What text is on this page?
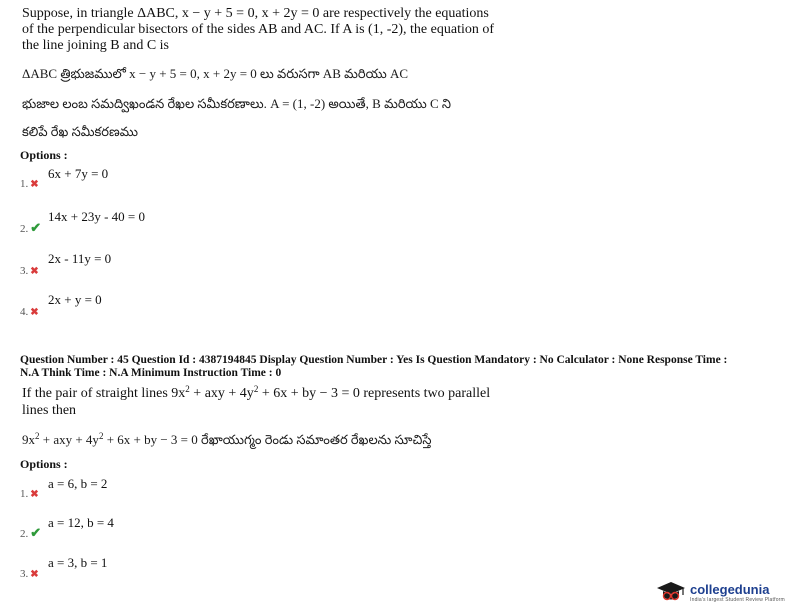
Suppose, in triangle ΔABC, x − y + 5 = 0, x + 2y = 0 are respectively the equations
of the perpendicular bisectors of the sides AB and AC. If A is (1, -2), the equation of
the line joining B and C is
ΔABC త్రిభుజములో x − y + 5 = 0, x + 2y = 0 లు వరుసగా AB మరియు AC
భుజాల లంబ సమద్విఖండన రేఖల సమీకరణాలు. A = (1, -2) అయితే, B మరియు C ని
కలిపే రేఖ సమీకరణము
Options :
1. ✖
6x + 7y = 0
2. ✔
14x + 23y - 40 = 0
3. ✖
2x - 11y = 0
4. ✖
2x + y = 0
Question Number : 45 Question Id : 4387194845 Display Question Number : Yes Is Question Mandatory : No Calculator : None Response Time :
N.A Think Time : N.A Minimum Instruction Time : 0
If the pair of straight lines $9x^2$ + axy + $4y^2 + 6x$ + by − 3 = 0 represents two parallel
lines then
$9x^2$ + axy + $4y^2 + 6x$ + by − 3 = 0 రేఖాయుగ్మం రెండు సమాంతర రేఖలను సూచిస్తే
Options :
1. ✖
a = 6, b = 2
2. ✔
a = 12, b = 4
3. ✖
a = 3, b = 1
collegedunia
India's largest Student Review Platform
